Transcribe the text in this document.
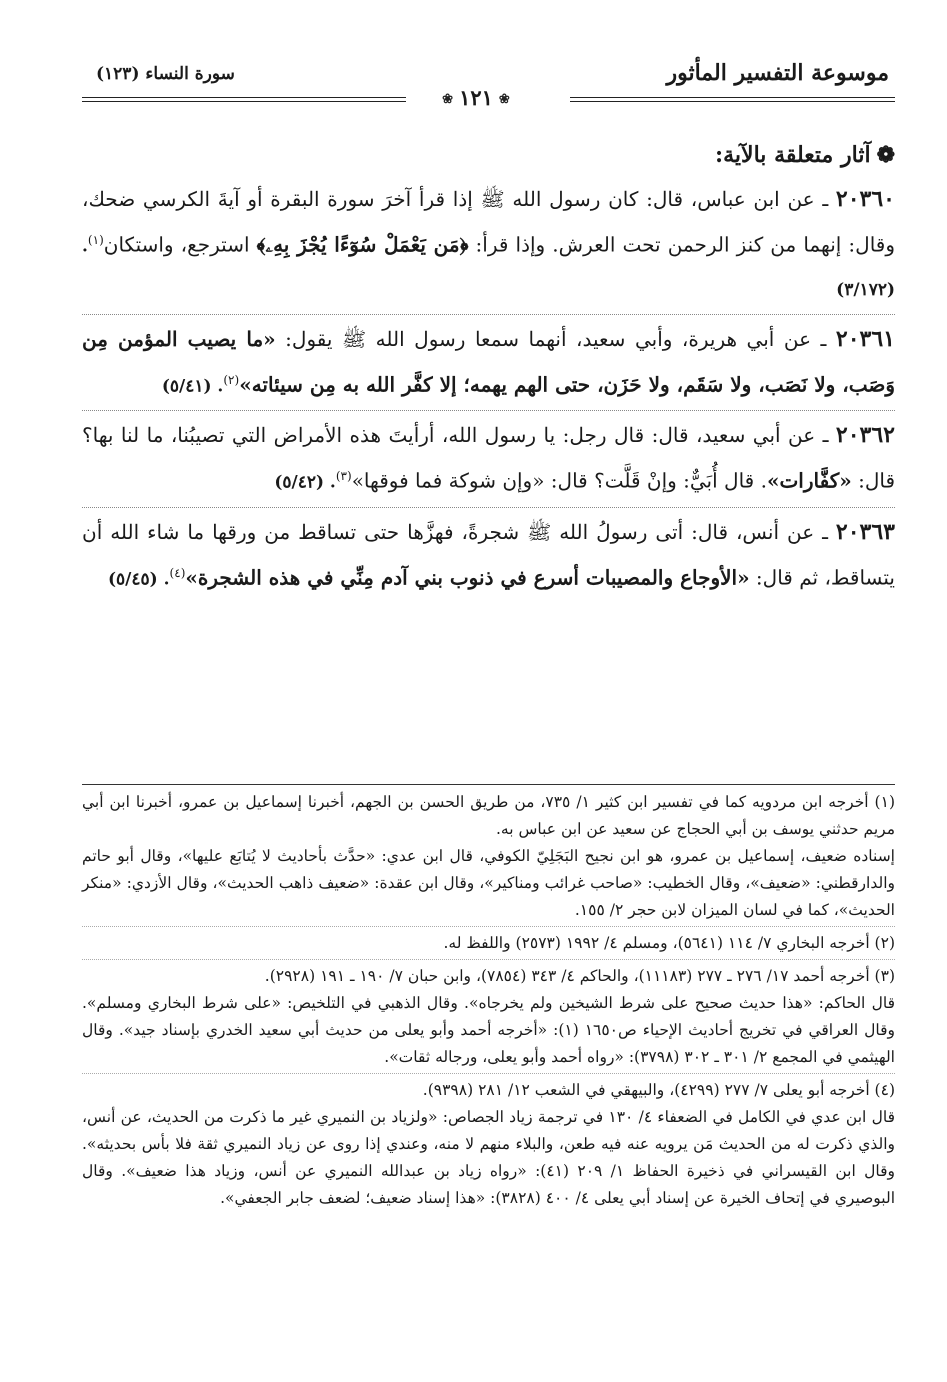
موسوعة التفسير المأثور
سورة النساء (١٢٣)
❀١٢١❀
❁آثار متعلقة بالآية:

٢٠٣٦٠ ـ عن ابن عباس، قال: كان رسول الله ﷺ إذا قرأ آخرَ سورة البقرة أو آيةَ الكرسي ضحك، وقال: إنهما من كنز الرحمن تحت العرش. وإذا قرأ: ﴿مَن يَعْمَلْ سُوٓءًا يُجْزَ بِهِۦ﴾ استرجع، واستكان$^{(١)}$. (٣/١٧٢)

٢٠٣٦١ ـ عن أبي هريرة، وأبي سعيد، أنهما سمعا رسول الله ﷺ يقول: «ما يصيب المؤمن مِن وَصَب، ولا نَصَب، ولا سَقَم، ولا حَزَن، حتى الهم يهمه؛ إلا كفَّر الله به مِن سيئاته»$^{(٢)}$. (٥/٤١)

٢٠٣٦٢ ـ عن أبي سعيد، قال: قال رجل: يا رسول الله، أرأيتَ هذه الأمراض التي تصيبُنا، ما لنا بها؟ قال: «كفَّارات». قال أُبَيٌّ: وإنْ قَلَّت؟ قال: «وإن شوكة فما فوقها»$^{(٣)}$. (٥/٤٢)

٢٠٣٦٣ ـ عن أنس، قال: أتى رسولُ الله ﷺ شجرةً، فهزَّها حتى تساقط من ورقها ما شاء الله أن يتساقط، ثم قال: «الأوجاع والمصيبات أسرع في ذنوب بني آدم مِنِّي في هذه الشجرة»$^{(٤)}$. (٥/٤٥)

(١) أخرجه ابن مردويه كما في تفسير ابن كثير ١/ ٧٣٥، من طريق الحسن بن الجهم، أخبرنا إسماعيل بن عمرو، أخبرنا ابن أبي مريم حدثني يوسف بن أبي الحجاج عن سعيد عن ابن عباس به.

إسناده ضعيف، إسماعيل بن عمرو، هو ابن نجيح البَجَلِيّ الكوفي، قال ابن عدي: «حدَّث بأحاديث لا يُتابَع عليها»، وقال أبو حاتم والدارقطني: «ضعيف»، وقال الخطيب: «صاحب غرائب ومناكير»، وقال ابن عقدة: «ضعيف ذاهب الحديث»، وقال الأزدي: «منكر الحديث»، كما في لسان الميزان لابن حجر ٢/ ١٥٥.

(٢) أخرجه البخاري ٧/ ١١٤ (٥٦٤١)، ومسلم ٤/ ١٩٩٢ (٢٥٧٣) واللفظ له.

(٣) أخرجه أحمد ١٧/ ٢٧٦ ـ ٢٧٧ (١١١٨٣)، والحاكم ٤/ ٣٤٣ (٧٨٥٤)، وابن حبان ٧/ ١٩٠ ـ ١٩١ (٢٩٢٨).

قال الحاكم: «هذا حديث صحيح على شرط الشيخين ولم يخرجاه». وقال الذهبي في التلخيص: «على شرط البخاري ومسلم». وقال العراقي في تخريج أحاديث الإحياء ص١٦٥٠ (١): «أخرجه أحمد وأبو يعلى من حديث أبي سعيد الخدري بإسناد جيد». وقال الهيثمي في المجمع ٢/ ٣٠١ ـ ٣٠٢ (٣٧٩٨): «رواه أحمد وأبو يعلى، ورجاله ثقات».

(٤) أخرجه أبو يعلى ٧/ ٢٧٧ (٤٢٩٩)، والبيهقي في الشعب ١٢/ ٢٨١ (٩٣٩٨).

قال ابن عدي في الكامل في الضعفاء ٤/ ١٣٠ في ترجمة زياد الجصاص: «ولزياد بن النميري غير ما ذكرت من الحديث، عن أنس، والذي ذكرت له من الحديث مَن يرويه عنه فيه طعن، والبلاء منهم لا منه، وعندي إذا روى عن زياد النميري ثقة فلا بأس بحديثه». وقال ابن القيسراني في ذخيرة الحفاظ ١/ ٢٠٩ (٤١): «رواه زياد بن عبدالله النميري عن أنس، وزياد هذا ضعيف». وقال البوصيري في إتحاف الخيرة عن إسناد أبي يعلى ٤/ ٤٠٠ (٣٨٢٨): «هذا إسناد ضعيف؛ لضعف جابر الجعفي».
